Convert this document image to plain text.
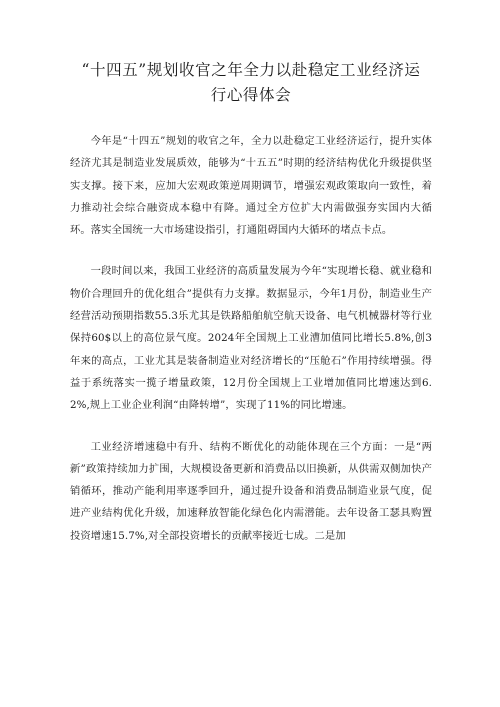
“十四五”规划收官之年全力以赴稳定工业经济运
行心得体会

今年是“十四五”规划的收官之年，全力以赴稳定工业经济运行，提升实体经济尤其是制造业发展质效，能够为“十五五”时期的经济结构优化升级提供坚实支撑。接下来，应加大宏观政策逆周期调节，增强宏观政策取向一致性，着力推动社会综合融资成本稳中有降。通过全方位扩大内需做强夯实国内大循环。落实全国统一大市场建设指引，打通阻碍国内大循环的堵点卡点。

一段时间以来，我国工业经济的高质量发展为今年“实现增长稳、就业稳和物价合理回升的优化组合”提供有力支撑。数据显示，今年1月份，制造业生产经营活动预期指数55.3乐尤其是铁路船舶航空航天设备、电气机械器材等行业保持60$以上的高位景气度。2024年全国规上工业漕加值同比增长5.8%,创3年来的高点，工业尤其是装备制造业对经济增长的“压舱石”作用持续增强。得益于系统落实一揽子增量政策，12月份全国规上工业增加值同比增速达到6.2%,规上工业企业利润“由降转增”，实现了11%的同比增速。

工业经济增速稳中有升、结构不断优化的动能体现在三个方面：一是“两新”政策持续加力扩围，大规模设备更新和消费品以旧换新，从供需双侧加快产销循环，推动产能利用率逐季回升，通过提升设备和消费品制造业景气度，促进产业结构优化升级，加速释放智能化绿色化内需潜能。去年设备工瑟具购置投资增速15.7%,对全部投资增长的贡献率接近七成。二是加
